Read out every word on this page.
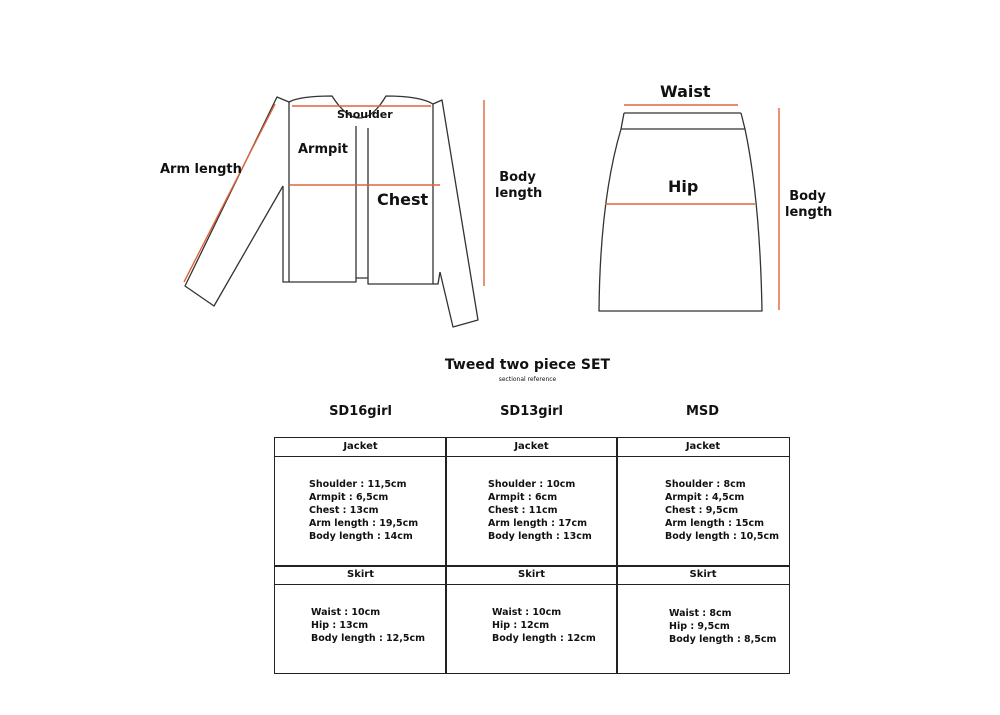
Shoulder
Armpit
Arm length
Chest
Body
length
Waist
Hip
Body
length
Tweed two piece SET
sectional reference
SD16girl	SD13girl	MSD
Jacket
Shoulder : 11,5cm
Armpit : 6,5cm
Chest : 13cm
Arm length : 19,5cm
Body length : 14cm
Skirt
Waist : 10cm
Hip : 13cm
Body length : 12,5cm
Jacket
Shoulder : 10cm
Armpit : 6cm
Chest : 11cm
Arm length : 17cm
Body length : 13cm
Skirt
Waist : 10cm
Hip : 12cm
Body length : 12cm
Jacket
Shoulder : 8cm
Armpit : 4,5cm
Chest : 9,5cm
Arm length : 15cm
Body length : 10,5cm
Skirt
Waist : 8cm
Hip : 9,5cm
Body length : 8,5cm
